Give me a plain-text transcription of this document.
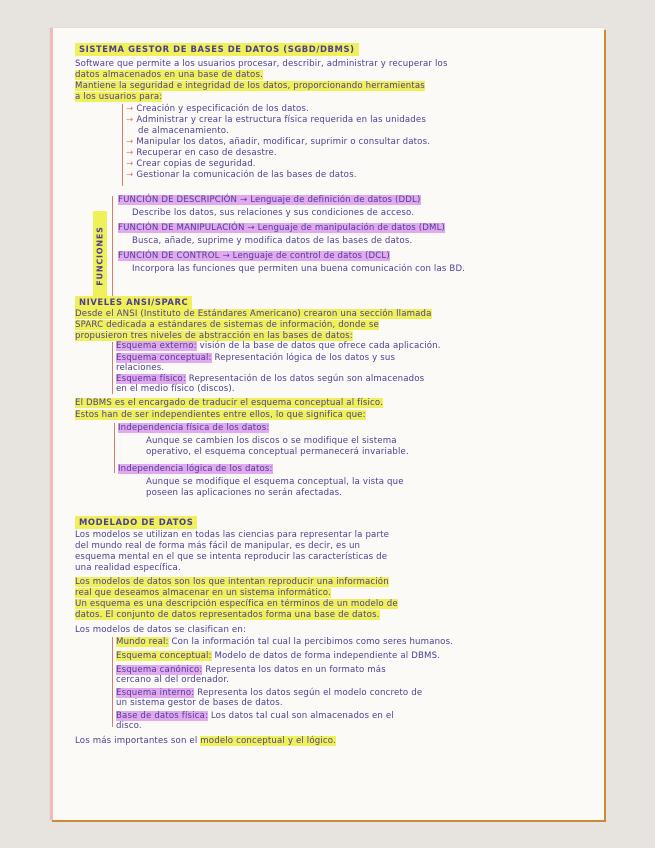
SISTEMA GESTOR DE BASES DE DATOS (SGBD/DBMS)
Software que permite a los usuarios procesar, describir, administrar y recuperar los
datos almacenados en una base de datos.
Mantiene la seguridad e integridad de los datos, proporcionando herramientas
a los usuarios para:
→ Creación y especificación de los datos.
→ Administrar y crear la estructura física requerida en las unidades
de almacenamiento.
→ Manipular los datos, añadir, modificar, suprimir o consultar datos.
→ Recuperar en caso de desastre.
→ Crear copias de seguridad.
→ Gestionar la comunicación de las bases de datos.
FUNCIONES
FUNCIÓN DE DESCRIPCIÓN → Lenguaje de definición de datos (DDL)
Describe los datos, sus relaciones y sus condiciones de acceso.
FUNCIÓN DE MANIPULACIÓN → Lenguaje de manipulación de datos (DML)
Busca, añade, suprime y modifica datos de las bases de datos.
FUNCIÓN DE CONTROL → Lenguaje de control de datos (DCL)
Incorpora las funciones que permiten una buena comunicación con las BD.
NIVELES ANSI/SPARC
Desde el ANSI (Instituto de Estándares Americano) crearon una sección llamada
SPARC dedicada a estándares de sistemas de información, donde se
propusieron tres niveles de abstracción en las bases de datos:
Esquema externo: visión de la base de datos que ofrece cada aplicación.
Esquema conceptual: Representación lógica de los datos y sus
relaciones.
Esquema físico: Representación de los datos según son almacenados
en el medio físico (discos).
El DBMS es el encargado de traducir el esquema conceptual al físico.
Estos han de ser independientes entre ellos, lo que significa que:
Independencia física de los datos:
Aunque se cambien los discos o se modifique el sistema
operativo, el esquema conceptual permanecerá invariable.
Independencia lógica de los datos:
Aunque se modifique el esquema conceptual, la vista que
poseen las aplicaciones no serán afectadas.
MODELADO DE DATOS
Los modelos se utilizan en todas las ciencias para representar la parte
del mundo real de forma más fácil de manipular, es decir, es un
esquema mental en el que se intenta reproducir las características de
una realidad específica.
Los modelos de datos son los que intentan reproducir una información
real que deseamos almacenar en un sistema informático.
Un esquema es una descripción específica en términos de un modelo de
datos. El conjunto de datos representados forma una base de datos.
Los modelos de datos se clasifican en:
Mundo real: Con la información tal cual la percibimos como seres humanos.
Esquema conceptual: Modelo de datos de forma independiente al DBMS.
Esquema canónico: Representa los datos en un formato más
cercano al del ordenador.
Esquema interno: Representa los datos según el modelo concreto de
un sistema gestor de bases de datos.
Base de datos física: Los datos tal cual son almacenados en el
disco.
Los más importantes son el modelo conceptual y el lógico.
